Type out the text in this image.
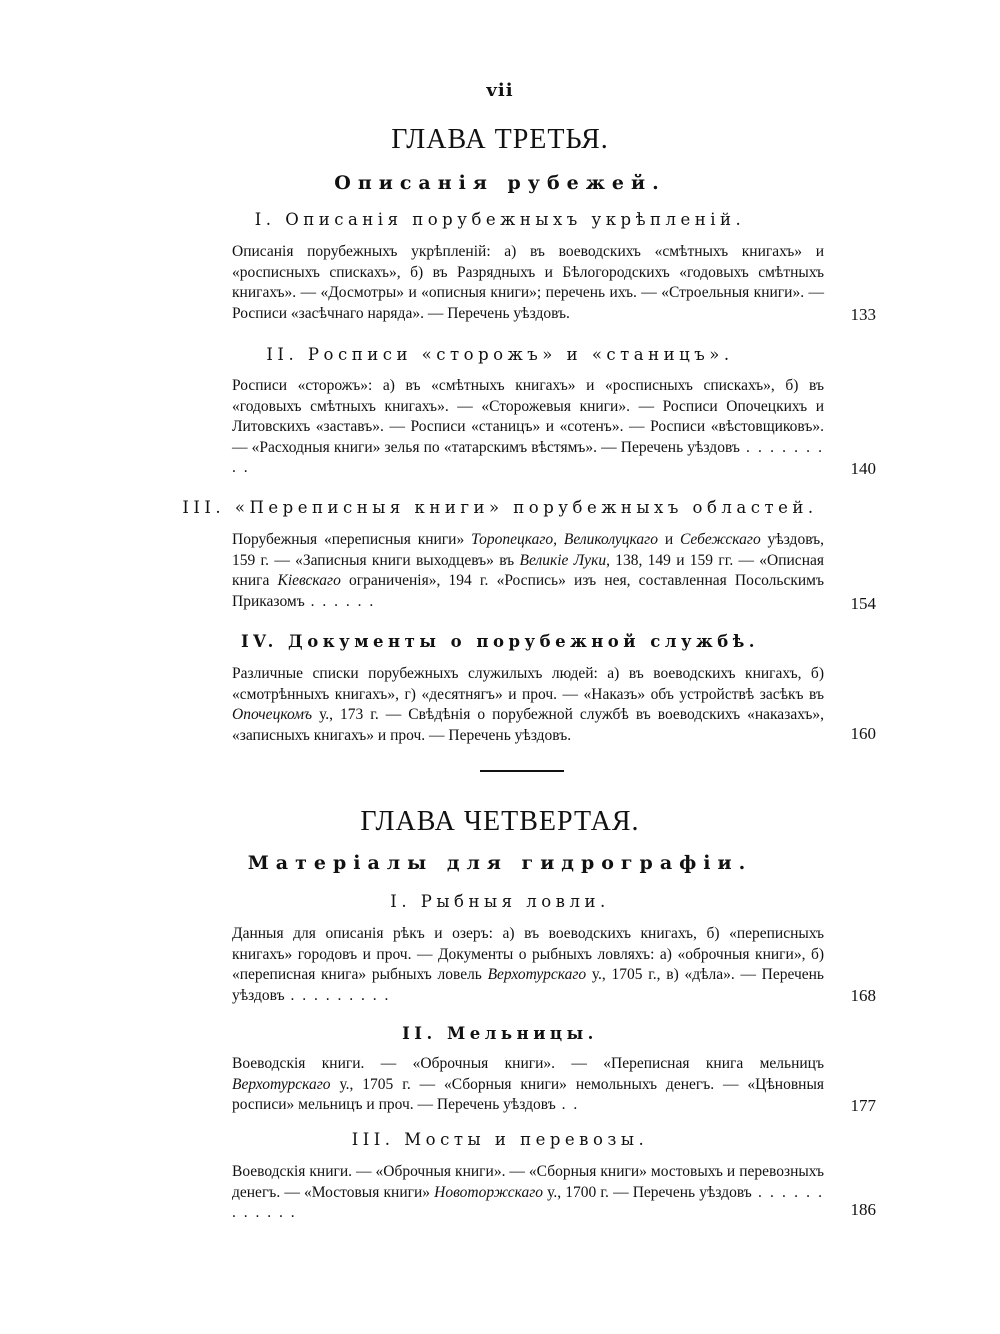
vii
ГЛАВА ТРЕТЬЯ.
Описанія рубежей.
I. Описанія порубежныхъ укрѣпленій.

Описанія порубежныхъ укрѣпленій: а) въ воеводскихъ «смѣтныхъ книгахъ» и «росписныхъ спискахъ», б) въ Разрядныхъ и Бѣлогородскихъ «годовыхъ смѣтныхъ книгахъ». — «Досмотры» и «описныя книги»; перечень ихъ. — «Строельныя книги». — Росписи «засѣчнаго наряда». — Перечень уѣздовъ.	133
II. Росписи «сторожъ» и «станицъ».

Росписи «сторожъ»: а) въ «смѣтныхъ книгахъ» и «росписныхъ спискахъ», б) въ «годовыхъ смѣтныхъ книгахъ». — «Сторожевыя книги». — Росписи Опочецкихъ и Литовскихъ «заставъ». — Росписи «станицъ» и «сотенъ». — Росписи «вѣстовщиковъ». — «Расходныя книги» зелья по «татарскимъ вѣстямъ». — Перечень уѣздовъ . . . . . . . . .	140
III. «Переписныя книги» порубежныхъ областей.

Порубежныя «переписныя книги» Торопецкаго, Великолуцкаго и Себежскаго уѣздовъ, 159 г. — «Записныя книги выходцевъ» въ Великіе Луки, 138, 149 и 159 гг. — «Описная книга Кіевскаго ограниченія», 194 г. «Роспись» изъ нея, составленная Посольскимъ Приказомъ . . . . . .	154
IV. Документы о порубежной службѣ.

Различные списки порубежныхъ служилыхъ людей: а) въ воеводскихъ книгахъ, б) «смотрѣнныхъ книгахъ», г) «десятнягъ» и проч. — «Наказъ» объ устройствѣ засѣкъ въ Опочецкомъ у., 173 г. — Свѣдѣнія о порубежной службѣ въ воеводскихъ «наказахъ», «записныхъ книгахъ» и проч. — Перечень уѣздовъ.	160
ГЛАВА ЧЕТВЕРТАЯ.
Матеріалы для гидрографіи.
I. Рыбныя ловли.

Данныя для описанія рѣкъ и озеръ: а) въ воеводскихъ книгахъ, б) «переписныхъ книгахъ» городовъ и проч. — Документы о рыбныхъ ловляхъ: а) «оброчныя книги», б) «переписная книга» рыбныхъ ловель Верхотурскаго у., 1705 г., в) «дѣла». — Перечень уѣздовъ . . . . . . . . .	168
II. Мельницы.

Воеводскія книги. — «Оброчныя книги». — «Переписная книга мельницъ Верхотурскаго у., 1705 г. — «Сборныя книги» немольныхъ денегъ. — «Цѣновныя росписи» мельницъ и проч. — Перечень уѣздовъ . .	177
III. Мосты и перевозы.

Воеводскія книги. — «Оброчныя книги». — «Сборныя книги» мостовыхъ и перевозныхъ денегъ. — «Мостовыя книги» Новоторжскаго у., 1700 г. — Перечень уѣздовъ . . . . . . . . . . . .	186
